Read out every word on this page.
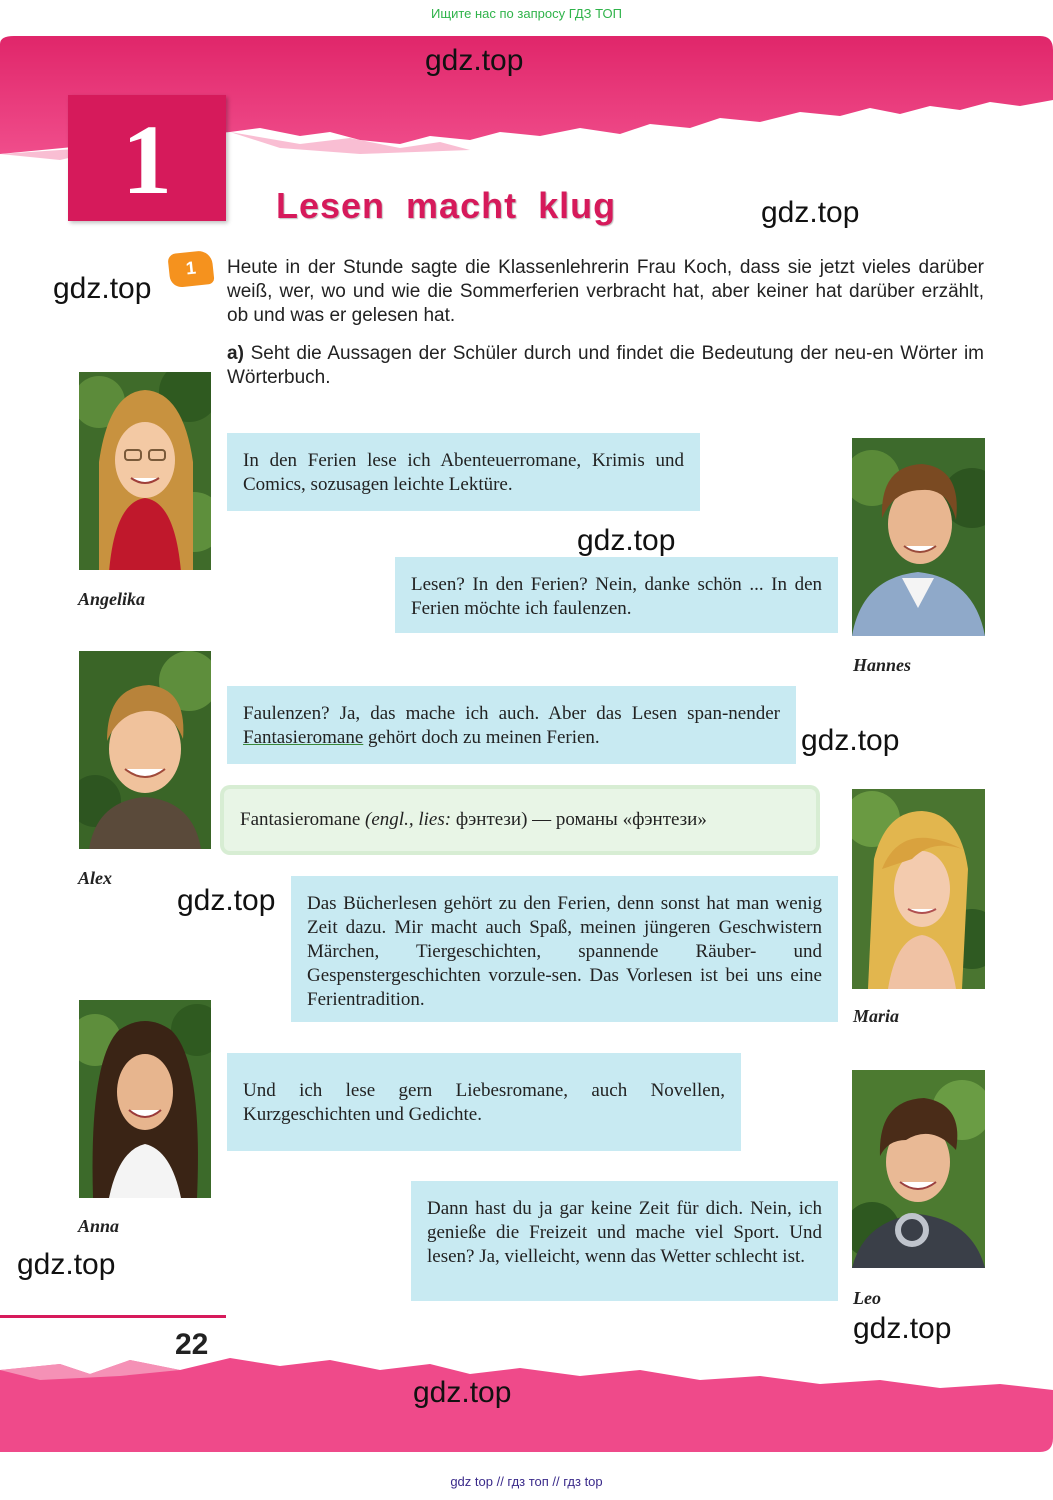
Ищите нас по запросу ГДЗ ТОП
1	Lesen macht klug
gdz.top
gdz.top
gdz.top
gdz.top
gdz.top
gdz.top
gdz.top
gdz.top
gdz.top
1	Heute in der Stunde sagte die Klassenlehrerin Frau Koch, dass sie jetzt vieles darüber weiß, wer, wo und wie die Sommerferien verbracht hat, aber keiner hat darüber erzählt, ob und was er gelesen hat.
a) Seht die Aussagen der Schüler durch und findet die Bedeutung der neu-en Wörter im Wörterbuch.
Angelika
Hannes
Alex
Maria
Anna
Leo
In den Ferien lese ich Abenteuerromane, Krimis und Comics, sozusagen leichte Lektüre.
Lesen? In den Ferien? Nein, danke schön ... In den Ferien möchte ich faulenzen.
Faulenzen? Ja, das mache ich auch. Aber das Lesen span-nender Fantasieromane gehört doch zu meinen Ferien.
Fantasieromane (engl., lies: фэнтези) — романы «фэнтези»
Das Bücherlesen gehört zu den Ferien, denn sonst hat man wenig Zeit dazu. Mir macht auch Spaß, meinen jüngeren Geschwistern Märchen, Tiergeschichten, spannende Räuber- und Gespenstergeschichten vorzule-sen. Das Vorlesen ist bei uns eine Ferientradition.
Und ich lese gern Liebesromane, auch Novellen, Kurzgeschichten und Gedichte.
Dann hast du ja gar keine Zeit für dich. Nein, ich genieße die Freizeit und mache viel Sport. Und lesen? Ja, vielleicht, wenn das Wetter schlecht ist.
22
gdz top // гдз топ // гдз top
